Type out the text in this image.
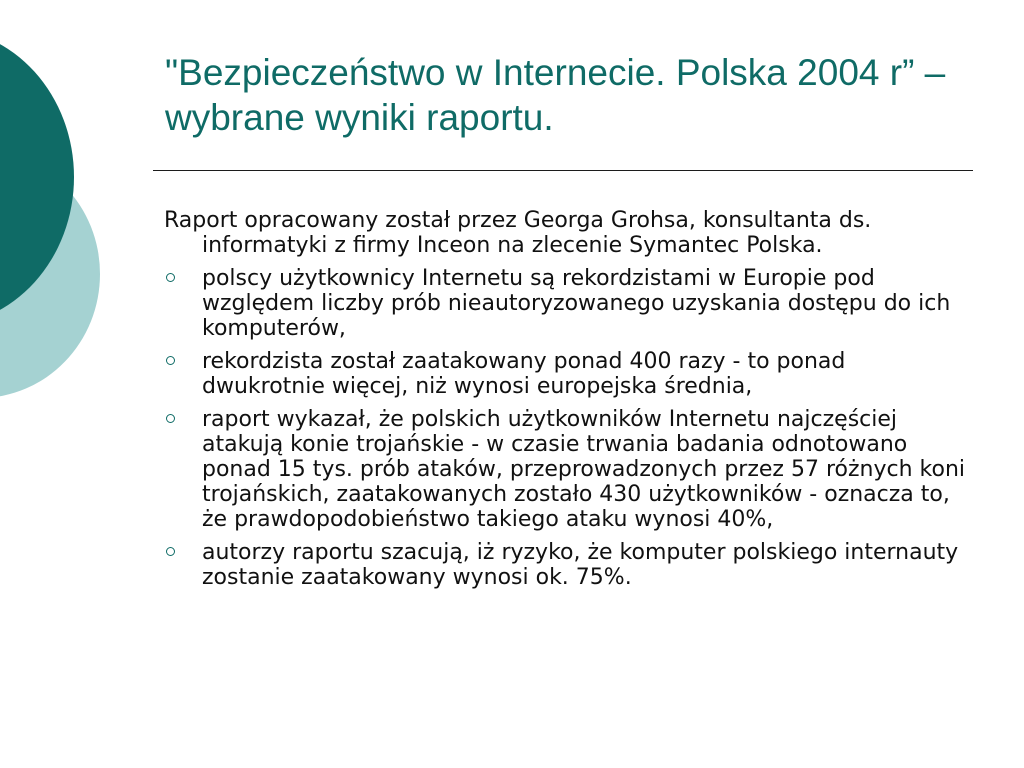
"Bezpieczeństwo w Internecie. Polska 2004 r” – wybrane wyniki raportu.

Raport opracowany został przez Georga Grohsa, konsultanta ds. informatyki z firmy Inceon na zlecenie Symantec Polska.

polscy użytkownicy Internetu są rekordzistami w Europie pod względem liczby prób nieautoryzowanego uzyskania dostępu do ich komputerów,
rekordzista został zaatakowany ponad 400 razy - to ponad dwukrotnie więcej, niż wynosi europejska średnia,
raport wykazał, że polskich użytkowników Internetu najczęściej atakują konie trojańskie - w czasie trwania badania odnotowano ponad 15 tys. prób ataków, przeprowadzonych przez 57 różnych koni trojańskich, zaatakowanych zostało 430 użytkowników - oznacza to, że prawdopodobieństwo takiego ataku wynosi 40%,
autorzy raportu szacują, iż ryzyko, że komputer polskiego internauty zostanie zaatakowany wynosi ok. 75%.
